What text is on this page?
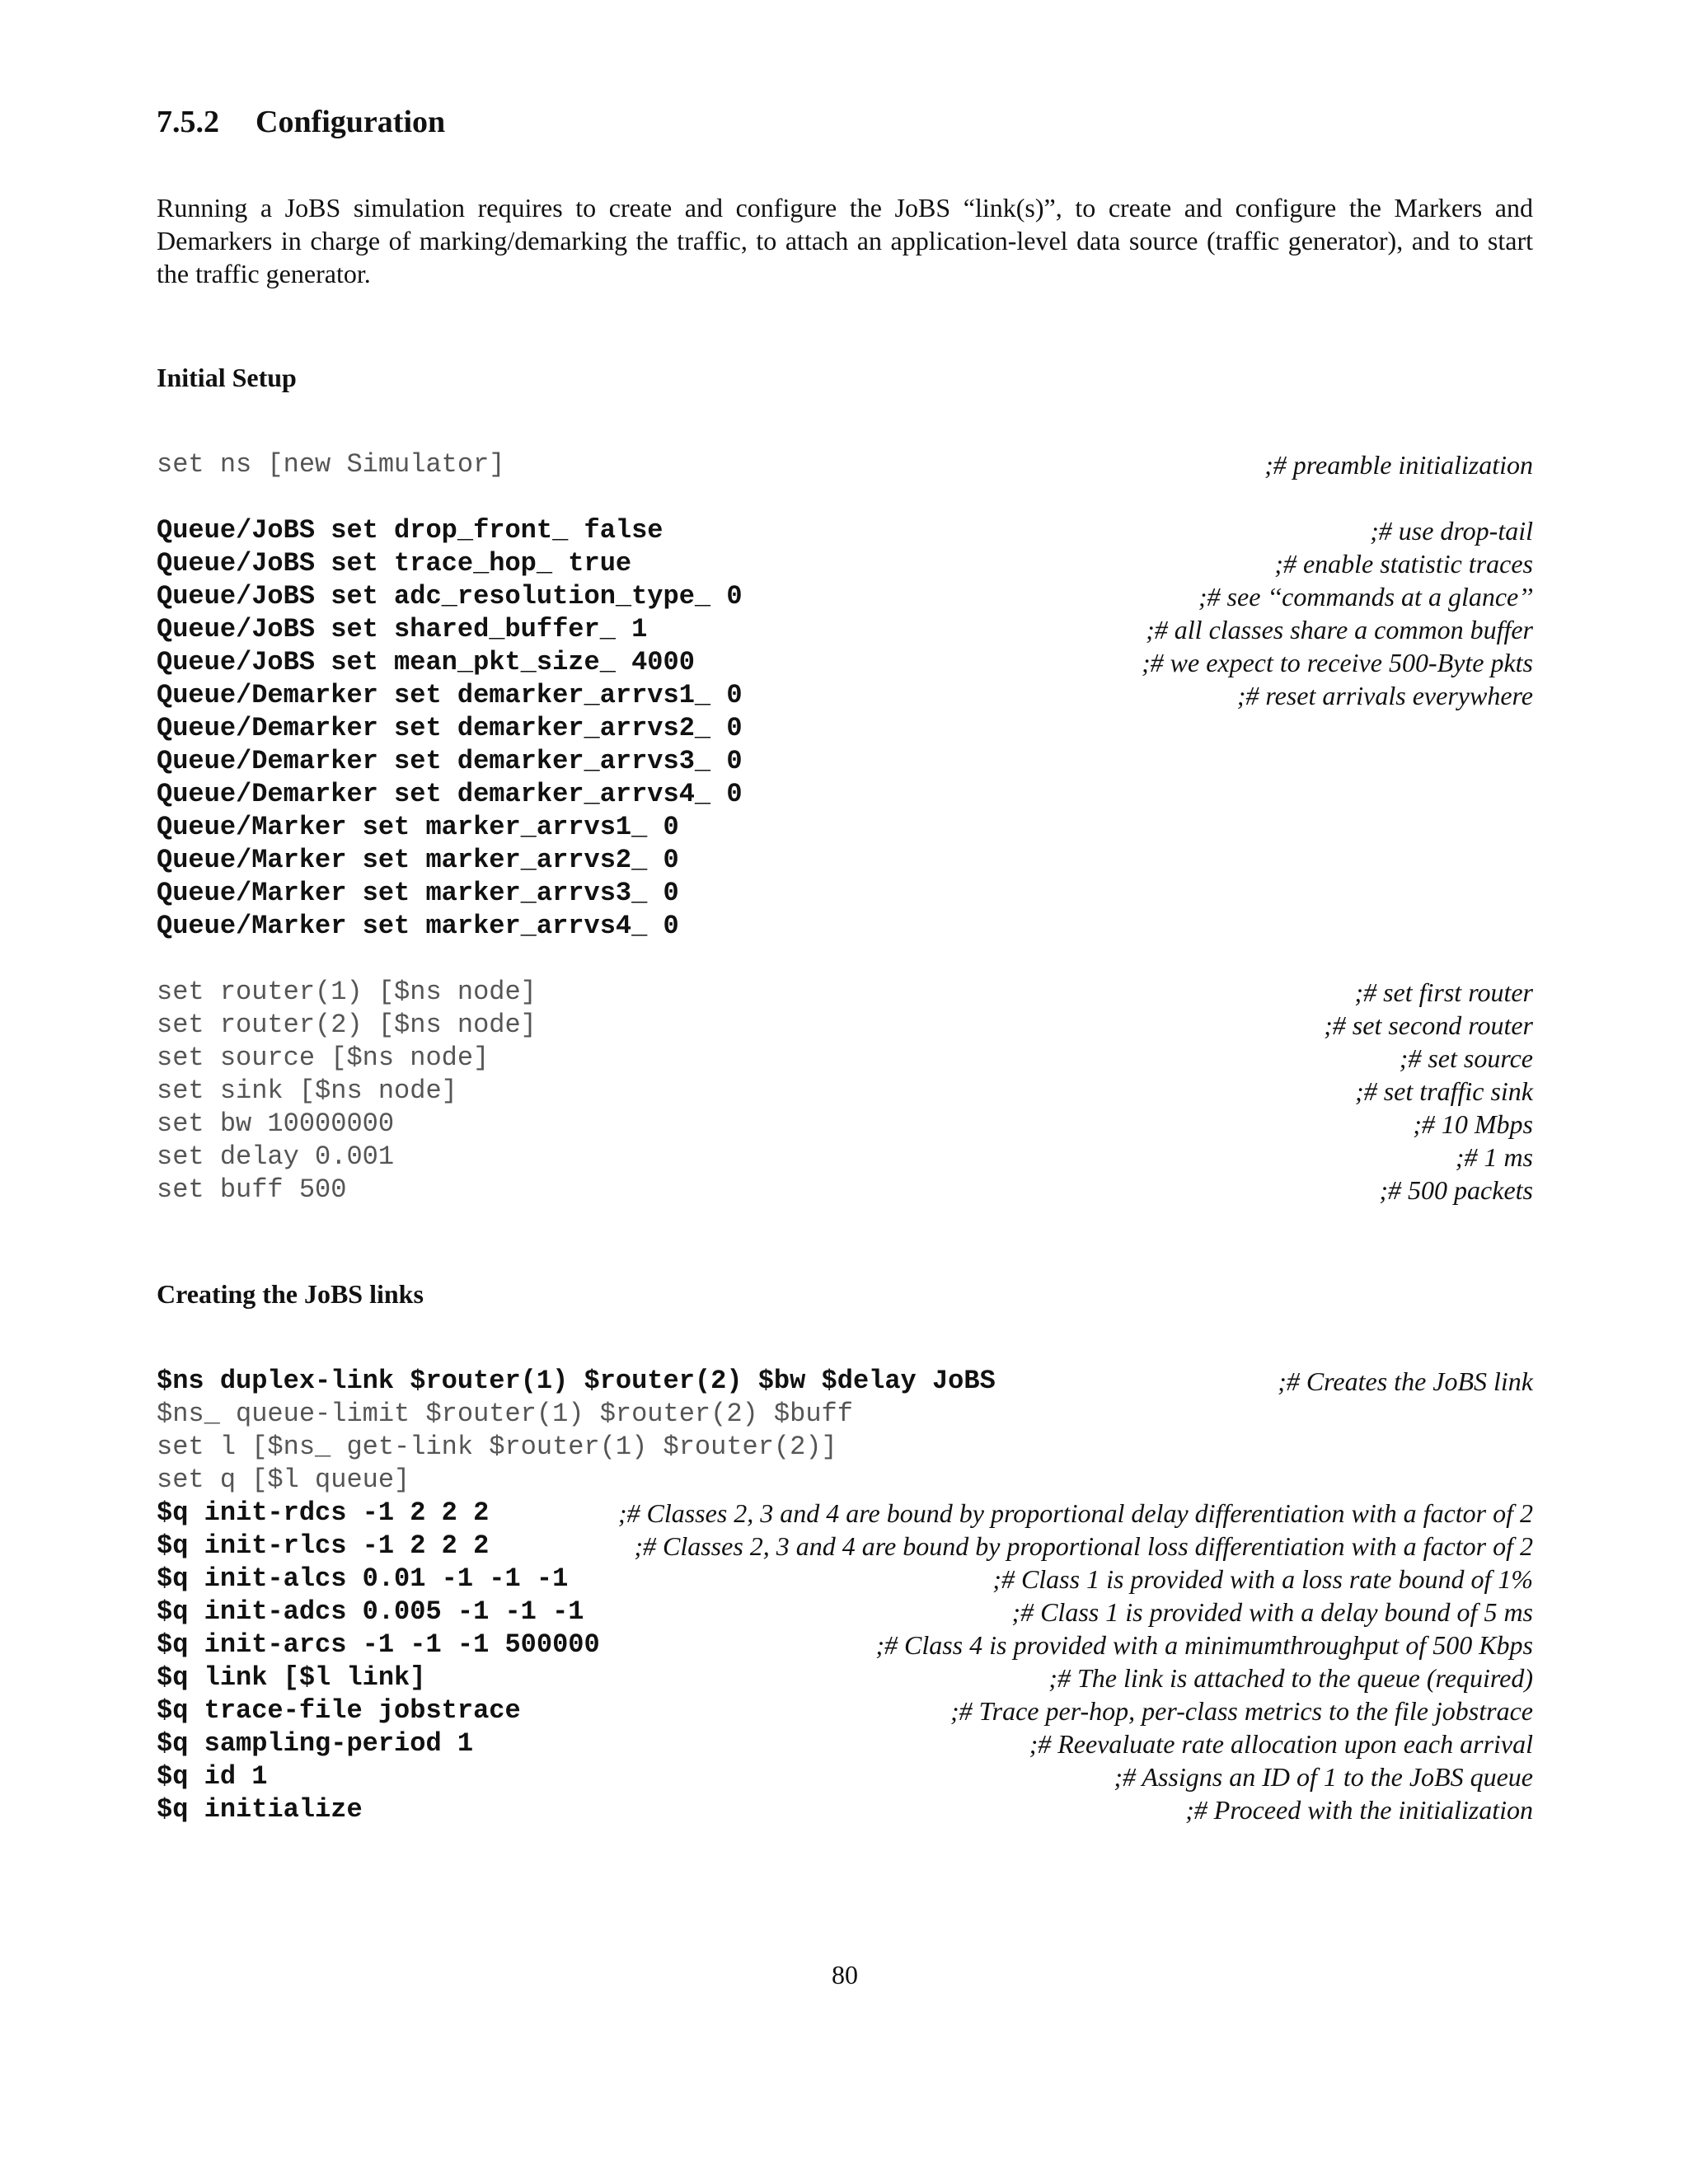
7.5.2 Configuration

Running a JoBS simulation requires to create and configure the JoBS “link(s)”, to create and configure the Markers and Demarkers in charge of marking/demarking the traffic, to attach an application-level data source (traffic generator), and to start the traffic generator.

Initial Setup
set ns [new Simulator]	;# preamble initialization
Queue/JoBS set drop_front_ false	;# use drop-tail
Queue/JoBS set trace_hop_ true	;# enable statistic traces
Queue/JoBS set adc_resolution_type_ 0	;# see ‘‘commands at a glance’’
Queue/JoBS set shared_buffer_ 1	;# all classes share a common buffer
Queue/JoBS set mean_pkt_size_ 4000	;# we expect to receive 500-Byte pkts
Queue/Demarker set demarker_arrvs1_ 0	;# reset arrivals everywhere
Queue/Demarker set demarker_arrvs2_ 0
Queue/Demarker set demarker_arrvs3_ 0
Queue/Demarker set demarker_arrvs4_ 0
Queue/Marker set marker_arrvs1_ 0
Queue/Marker set marker_arrvs2_ 0
Queue/Marker set marker_arrvs3_ 0
Queue/Marker set marker_arrvs4_ 0
set router(1) [$ns node]	;# set first router
set router(2) [$ns node]	;# set second router
set source [$ns node]	;# set source
set sink [$ns node]	;# set traffic sink
set bw 10000000	;# 10 Mbps
set delay 0.001	;# 1 ms
set buff 500	;# 500 packets
Creating the JoBS links
$ns duplex-link $router(1) $router(2) $bw $delay JoBS	;# Creates the JoBS link
$ns_ queue-limit $router(1) $router(2) $buff
set l [$ns_ get-link $router(1) $router(2)]
set q [$l queue]
$q init-rdcs -1 2 2 2	;# Classes 2, 3 and 4 are bound by proportional delay differentiation with a factor of 2
$q init-rlcs -1 2 2 2	;# Classes 2, 3 and 4 are bound by proportional loss differentiation with a factor of 2
$q init-alcs 0.01 -1 -1 -1	;# Class 1 is provided with a loss rate bound of 1%
$q init-adcs 0.005 -1 -1 -1	;# Class 1 is provided with a delay bound of 5 ms
$q init-arcs -1 -1 -1 500000	;# Class 4 is provided with a minimumthroughput of 500 Kbps
$q link [$l link]	;# The link is attached to the queue (required)
$q trace-file jobstrace	;# Trace per-hop, per-class metrics to the file jobstrace
$q sampling-period 1	;# Reevaluate rate allocation upon each arrival
$q id 1	;# Assigns an ID of 1 to the JoBS queue
$q initialize	;# Proceed with the initialization
80
